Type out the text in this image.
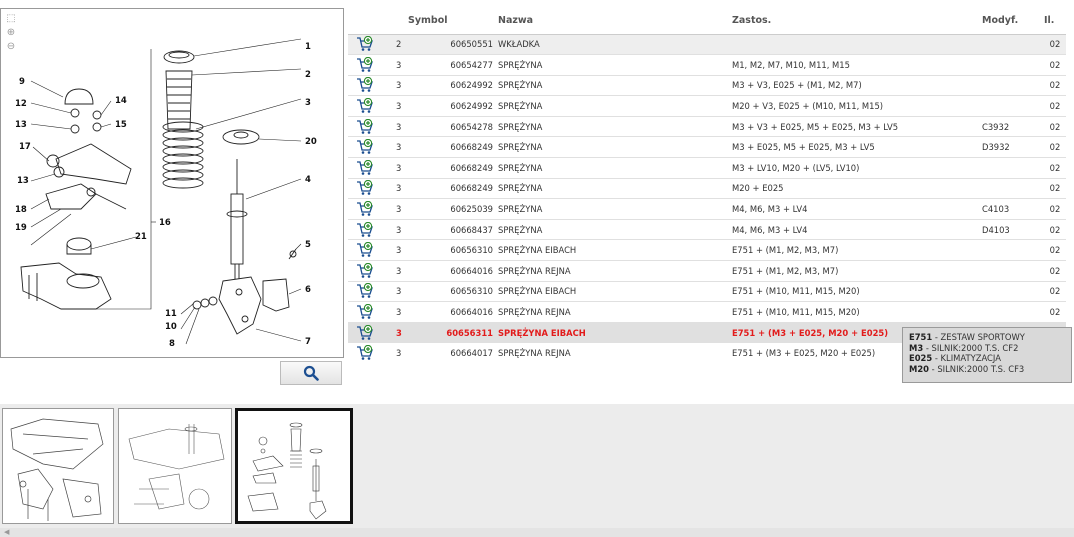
⬚
⊕
⊖	1
2
3
4
5
6
7
8
9
10
11
12
13
13
14
15
16
17
18
19
20
21
		Symbol	Nazwa	Zastos.	Modyf.	Il.
	2	60650551	WKŁADKA			02
	3	60654277	SPRĘŻYNA	M1, M2, M7, M10, M11, M15		02
	3	60624992	SPRĘŻYNA	M3 + V3, E025 + (M1, M2, M7)		02
	3	60624992	SPRĘŻYNA	M20 + V3, E025 + (M10, M11, M15)		02
	3	60654278	SPRĘŻYNA	M3 + V3 + E025, M5 + E025, M3 + LV5	C3932	02
	3	60668249	SPRĘŻYNA	M3 + E025, M5 + E025, M3 + LV5	D3932	02
	3	60668249	SPRĘŻYNA	M3 + LV10, M20 + (LV5, LV10)		02
	3	60668249	SPRĘŻYNA	M20 + E025		02
	3	60625039	SPRĘŻYNA	M4, M6, M3 + LV4	C4103	02
	3	60668437	SPRĘŻYNA	M4, M6, M3 + LV4	D4103	02
	3	60656310	SPRĘŻYNA EIBACH	E751 + (M1, M2, M3, M7)		02
	3	60664016	SPRĘŻYNA REJNA	E751 + (M1, M2, M3, M7)		02
	3	60656310	SPRĘŻYNA EIBACH	E751 + (M10, M11, M15, M20)		02
	3	60664016	SPRĘŻYNA REJNA	E751 + (M10, M11, M15, M20)		02
	3	60656311	SPRĘŻYNA EIBACH	E751 + (M3 + E025, M20 + E025)		
	3	60664017	SPRĘŻYNA REJNA	E751 + (M3 + E025, M20 + E025)		
E751 - ZESTAW SPORTOWY
M3 - SILNIK:2000 T.S. CF2
E025 - KLIMATYZACJA
M20 - SILNIK:2000 T.S. CF3
◀
